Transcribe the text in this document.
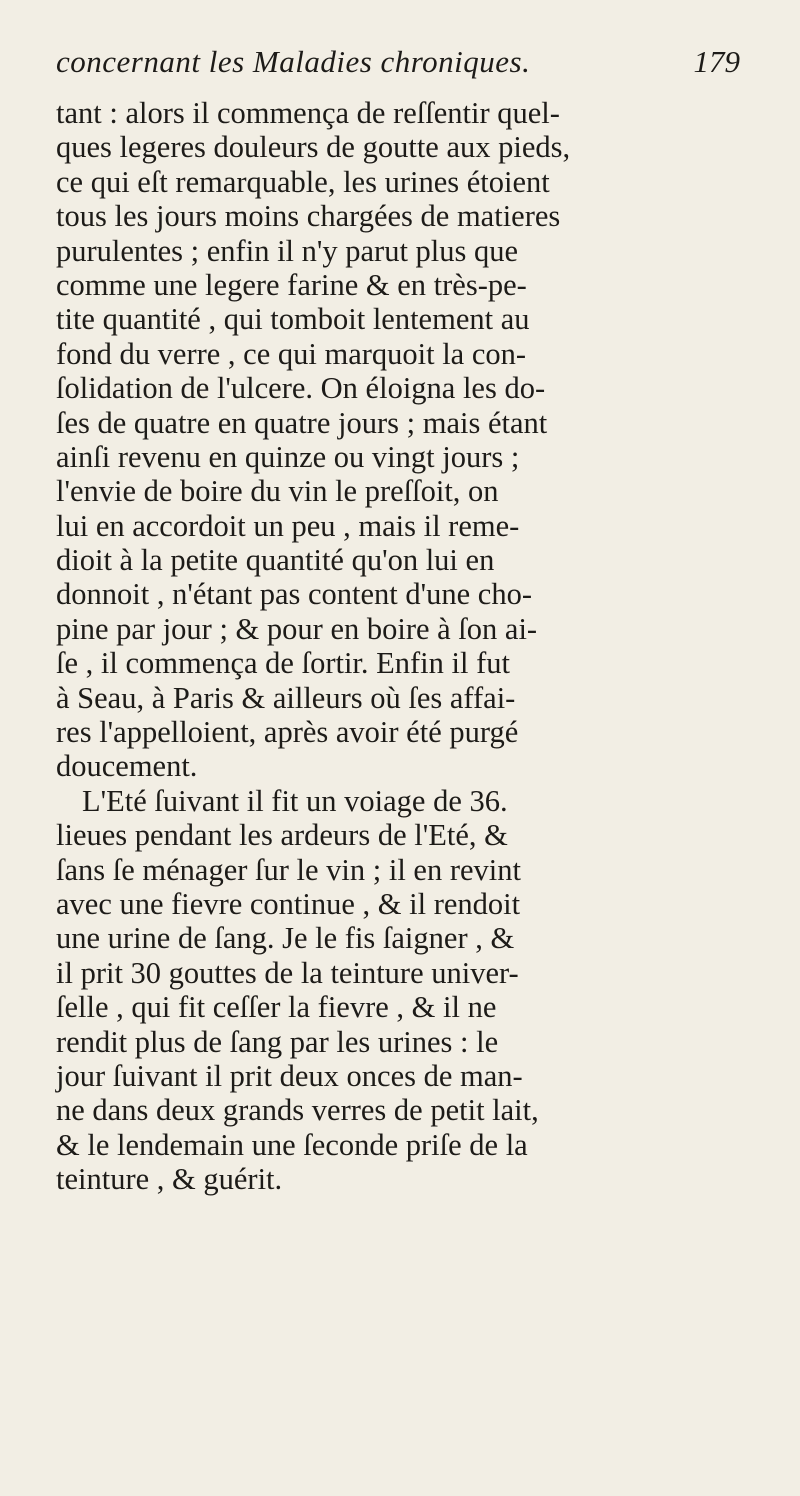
concernant les Maladies chroniques.	179
tant : alors il commença de reſſentir quel-
ques legeres douleurs de goutte aux pieds,
ce qui eſt remarquable, les urines étoient
tous les jours moins chargées de matieres
purulentes ; enfin il n'y parut plus que
comme une legere farine & en très-pe-
tite quantité , qui tomboit lentement au
fond du verre , ce qui marquoit la con-
ſolidation de l'ulcere. On éloigna les do-
ſes de quatre en quatre jours ; mais étant
ainſi revenu en quinze ou vingt jours ;
l'envie de boire du vin le preſſoit, on
lui en accordoit un peu , mais il reme-
dioit à la petite quantité qu'on lui en
donnoit , n'étant pas content d'une cho-
pine par jour ; & pour en boire à ſon ai-
ſe , il commença de ſortir. Enfin il fut
à Seau, à Paris & ailleurs où ſes affai-
res l'appelloient, après avoir été purgé
doucement.
L'Eté ſuivant il fit un voiage de 36.
lieues pendant les ardeurs de l'Eté, &
ſans ſe ménager ſur le vin ; il en revint
avec une fievre continue , & il rendoit
une urine de ſang. Je le fis ſaigner , &
il prit 30 gouttes de la teinture univer-
ſelle , qui fit ceſſer la fievre , & il ne
rendit plus de ſang par les urines : le
jour ſuivant il prit deux onces de man-
ne dans deux grands verres de petit lait,
& le lendemain une ſeconde priſe de la
teinture , & guérit.
